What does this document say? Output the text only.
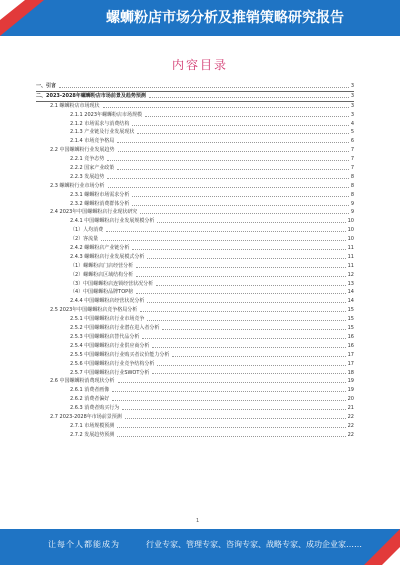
螺蛳粉店市场分析及推销策略研究报告
内容目录
一、引言	3
二、2023-2028年螺蛳粉店市场前景及趋势预测	3
2.1 螺蛳粉店市场现状	3
2.1.1 2023年螺蛳粉店市场规模	3
2.1.2 市场需求与消费结构	4
2.1.3 产业链及行业发展现状	5
2.1.4 市场竞争格局	6
2.2 中国螺蛳粉行业发展趋势	7
2.2.1 竞争态势	7
2.2.2 国家产业政策	7
2.2.3 发展趋势	8
2.3 螺蛳粉行业市场分析	8
2.3.1 螺蛳粉市场需求分析	8
2.3.2 螺蛳粉消费群体分析	9
2.4 2023年中国螺蛳粉店行业现状研究	9
2.4.1 中国螺蛳粉店行业发展规模分析	10
（1）人均消费	10
（2）客流量	10
2.4.2 螺蛳粉店产业链分析	11
2.4.3 螺蛳粉店行业发展模式分析	11
（1）螺蛳粉店门店经营分析	11
（2）螺蛳粉店区域结构分析	12
（3）中国螺蛳粉店连锁经营状况分析	13
（4）中国螺蛳粉品牌TOP榜	14
2.4.4 中国螺蛳粉店经营状况分析	14
2.5 2023年中国螺蛳粉店竞争格局分析	15
2.5.1 中国螺蛳粉店行业市场竞争	15
2.5.2 中国螺蛳粉店行业潜在进入者分析	15
2.5.3 中国螺蛳粉店替代品分析	16
2.5.4 中国螺蛳粉店行业供应商分析	16
2.5.5 中国螺蛳粉店行业购买者议价能力分析	17
2.5.6 中国螺蛳粉店行业竞争结构分析	17
2.5.7 中国螺蛳粉店行业SWOT分析	18
2.6 中国螺蛳粉消费现状分析	19
2.6.1 消费者画像	19
2.6.2 消费者偏好	20
2.6.3 消费者购买行为	21
2.7 2023-2028年市场前景预测	22
2.7.1 市场规模预测	22
2.7.2 发展趋势预测	22
1
让每个人都能成为	行业专家、管理专家、咨询专家、战略专家、成功企业家……
